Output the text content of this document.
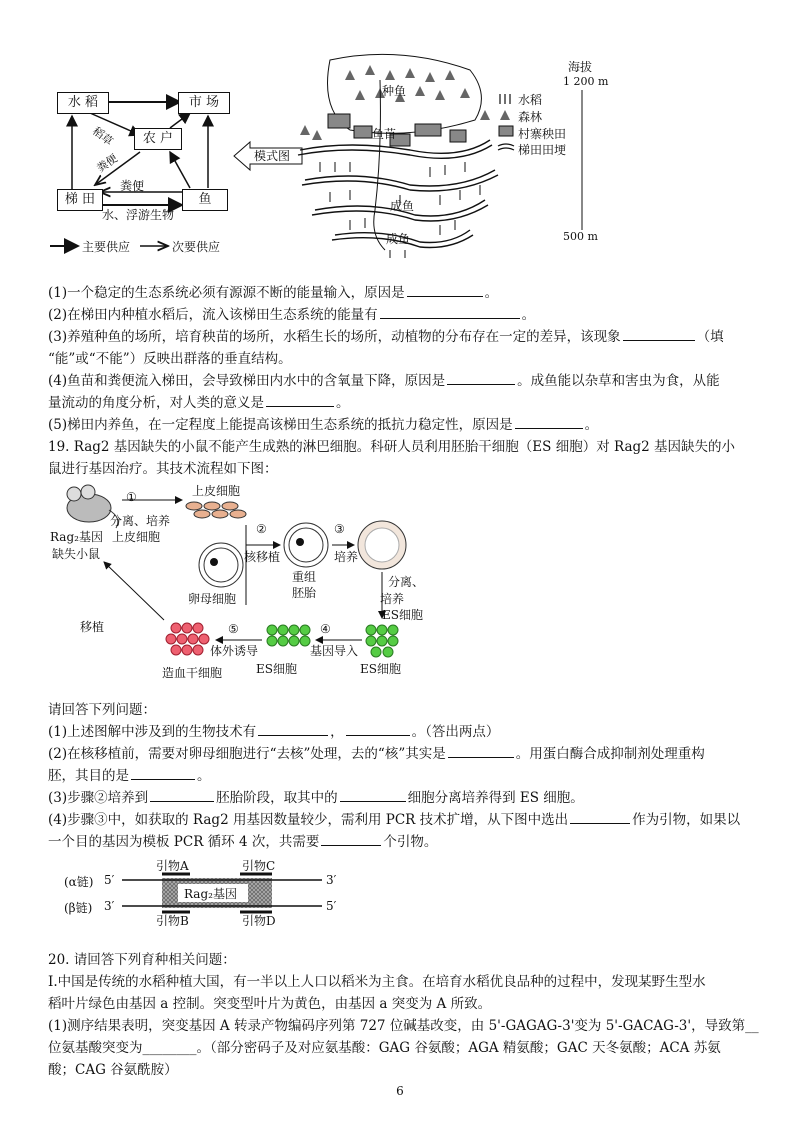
水 稻	市 场
农 户
梯 田	鱼
稻草
粪便
粪便
水、浮游生物
主要供应	次要供应
模式图
种鱼
鱼苗
成鱼
成鱼
海拔
1 200 m
500 m
水稻
森林
村寨秧田
梯田田埂
(1)一个稳定的生态系统必须有源源不断的能量输入，原因是	。
(2)在梯田内种植水稻后，流入该梯田生态系统的能量有	。
(3)养殖种鱼的场所，培育秧苗的场所，水稻生长的场所，动植物的分布存在一定的差异，该现象	（填
“能”或“不能”）反映出群落的垂直结构。
(4)鱼苗和粪便流入梯田，会导致梯田内水中的含氧量下降，原因是	。成鱼能以杂草和害虫为食，从能
量流动的角度分析，对人类的意义是	。
(5)梯田内养鱼，在一定程度上能提高该梯田生态系统的抵抗力稳定性，原因是	。
19. Rag2 基因缺失的小鼠不能产生成熟的淋巴细胞。科研人员利用胚胎干细胞（ES 细胞）对 Rag2 基因缺失的小
鼠进行基因治疗。其技术流程如下图：
①	上皮细胞
分离、培养
Rag₂基因 上皮细胞
缺失小鼠
②
核移植
卵母细胞
重组
胚胎
③
培养
分离、
培养
ES细胞
ES细胞
ES细胞
④
基因导入
⑤
体外诱导
造血干细胞
移植
请回答下列问题：
(1)上述图解中涉及到的生物技术有	，	。（答出两点）
(2)在核移植前，需要对卵母细胞进行“去核”处理，去的“核”其实是	。用蛋白酶合成抑制剂处理重构
胚，其目的是	。
(3)步骤②培养到	胚胎阶段，取其中的	细胞分离培养得到 ES 细胞。
(4)步骤③中，如获取的 Rag2 用基因数量较少，需利用 PCR 技术扩增，从下图中选出	作为引物，如果以
一个目的基因为模板 PCR 循环 4 次，共需要	个引物。
引物A	引物C
引物B	引物D
(α链)
(β链)
5′	3′
3′	5′
Rag₂基因
20. 请回答下列育种相关问题：
Ⅰ.中国是传统的水稻种植大国，有一半以上人口以稻米为主食。在培育水稻优良品种的过程中，发现某野生型水
稻叶片绿色由基因 a 控制。突变型叶片为黄色，由基因 a 突变为 A 所致。
(1)测序结果表明，突变基因 A 转录产物编码序列第 727 位碱基改变，由 5'-GAGAG-3'变为 5'-GACAG-3'，导致第__
位氨基酸突变为________。（部分密码子及对应氨基酸：GAG 谷氨酸；AGA 精氨酸；GAC 天冬氨酸；ACA 苏氨
酸；CAG 谷氨酰胺）
6
